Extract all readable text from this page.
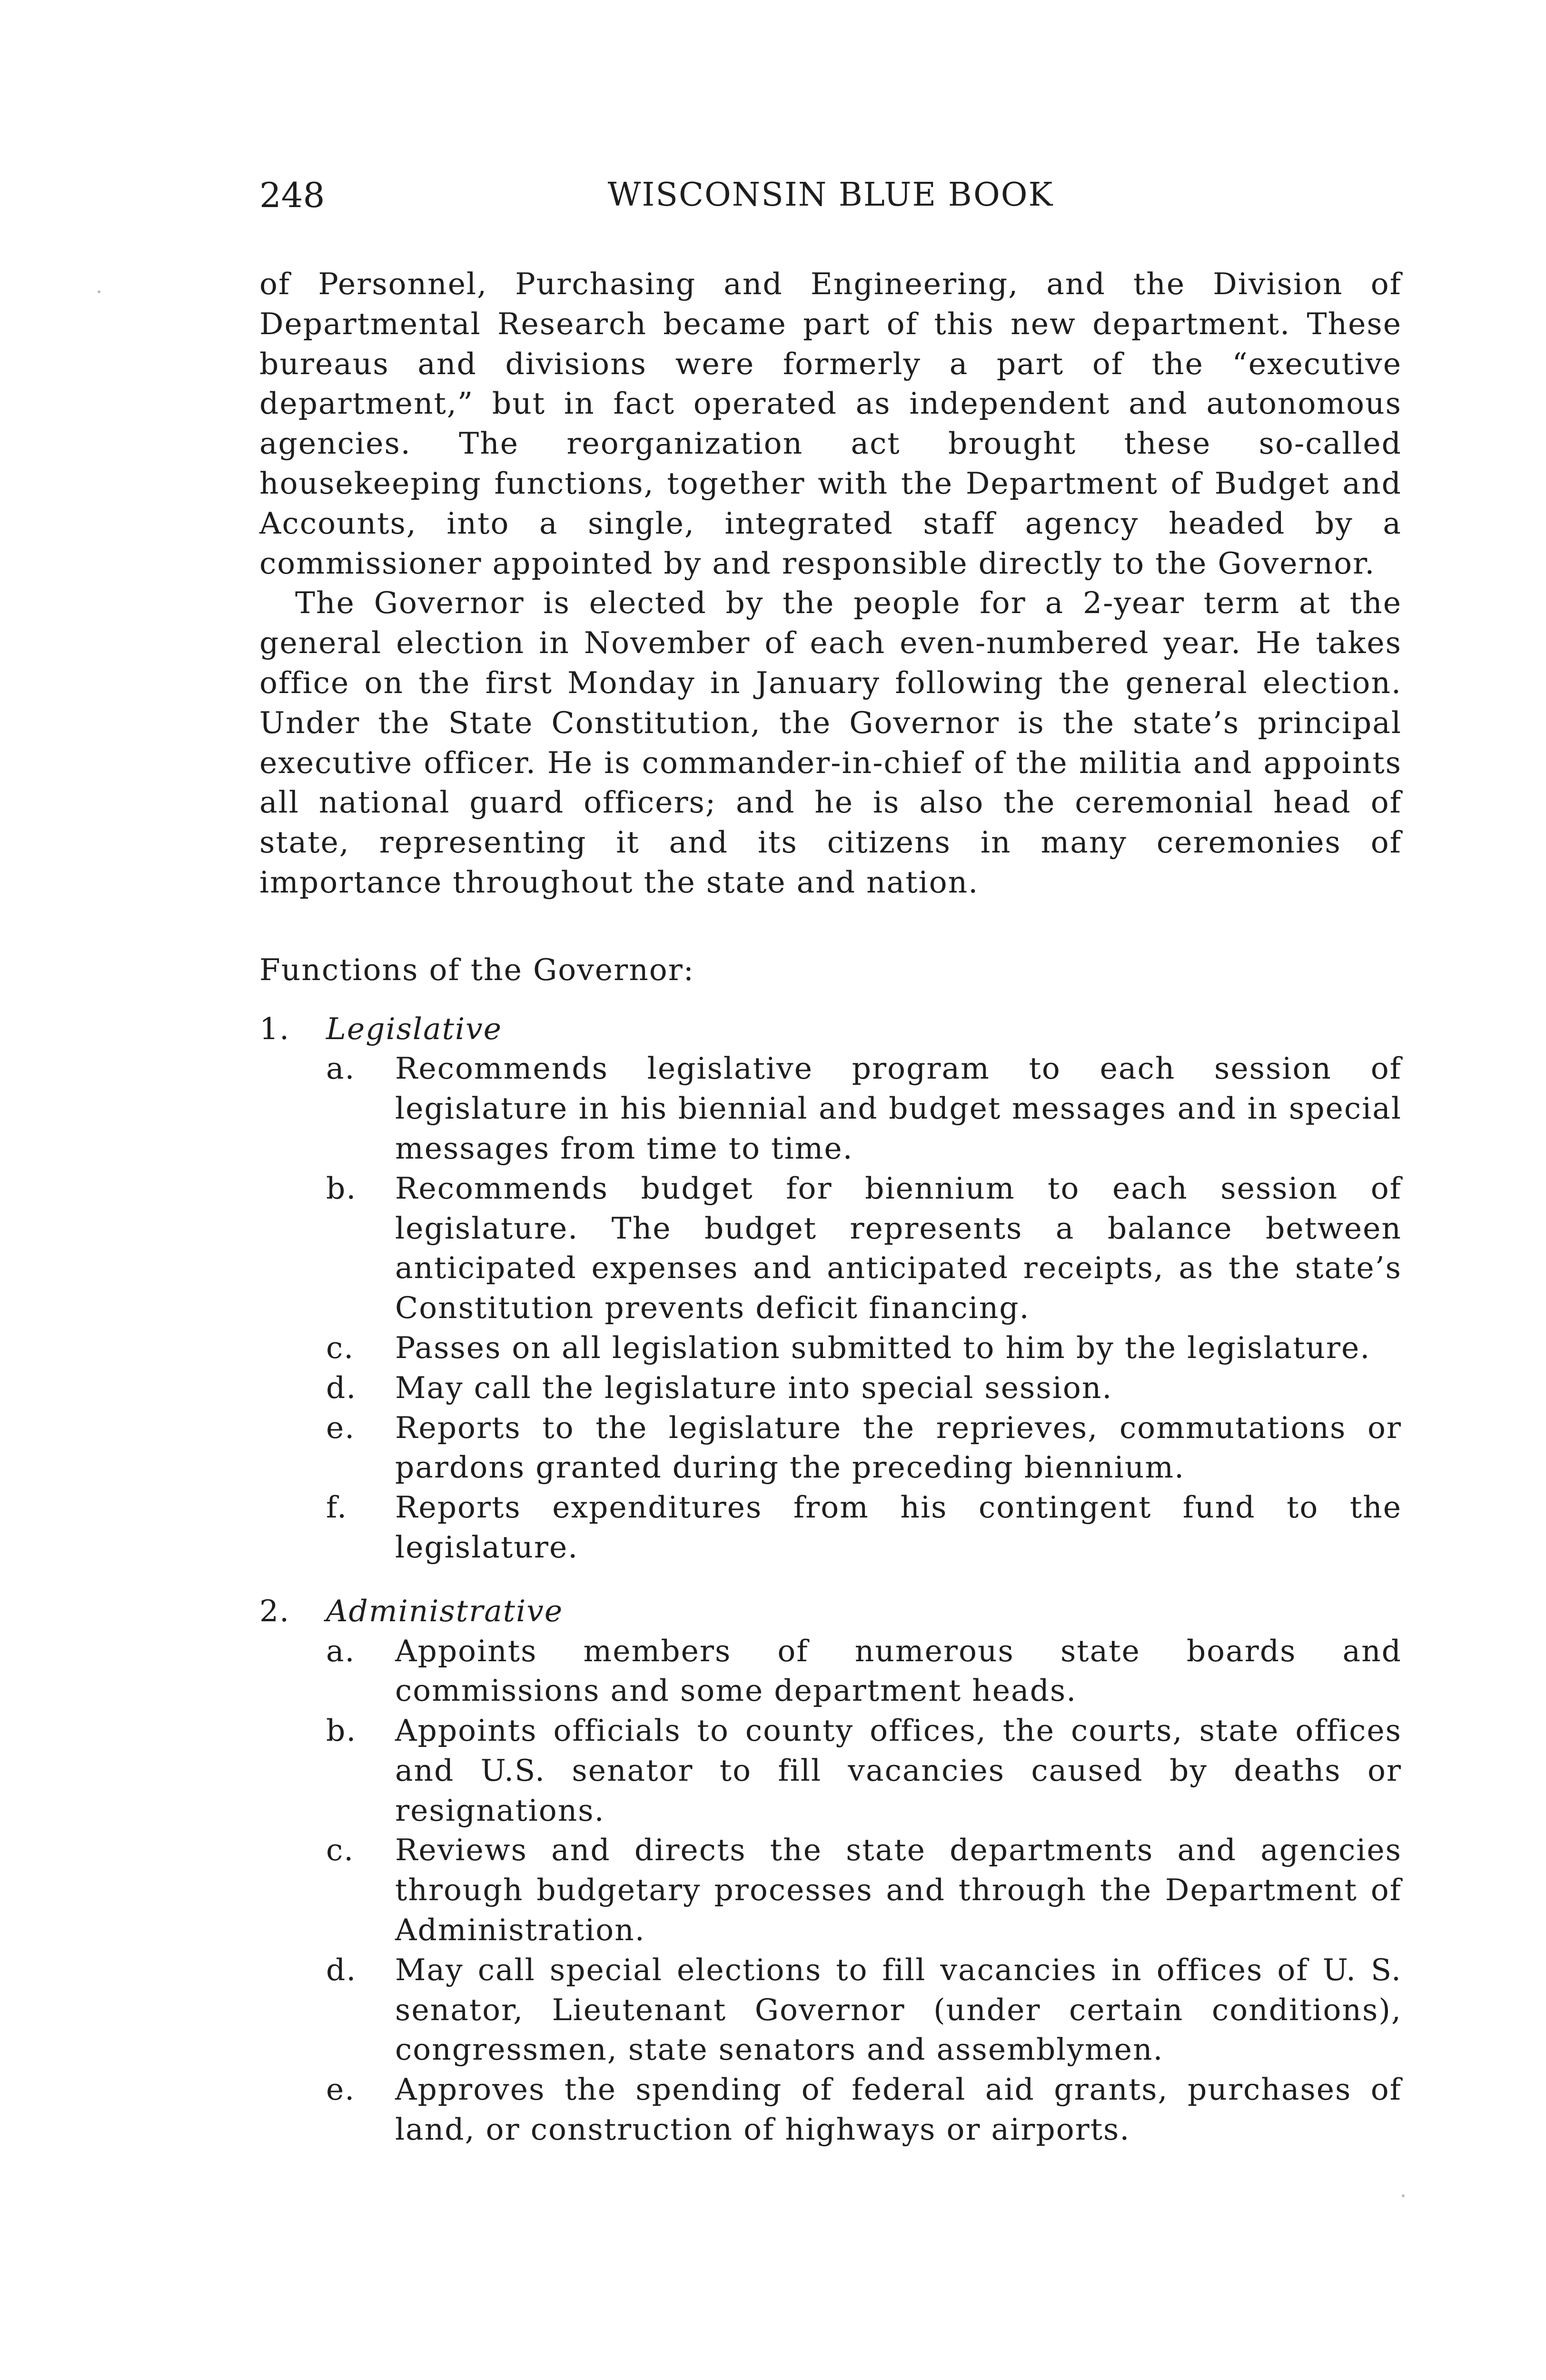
248	WISCONSIN BLUE BOOK

of Personnel, Purchasing and Engineering, and the Division of Departmental Research became part of this new department. These bureaus and divisions were formerly a part of the “executive department,” but in fact operated as independent and autonomous agencies. The reorganization act brought these so-called housekeeping functions, together with the Department of Budget and Accounts, into a single, integrated staff agency headed by a commissioner appointed by and responsible directly to the Governor.

The Governor is elected by the people for a 2-year term at the general election in November of each even-numbered year. He takes office on the first Monday in January following the general election. Under the State Constitution, the Governor is the state’s principal executive officer. He is commander-in-chief of the militia and appoints all national guard officers; and he is also the ceremonial head of state, representing it and its citizens in many ceremonies of importance throughout the state and nation.

Functions of the Governor:

1. Legislative
a. Recommends legislative program to each session of legislature in his biennial and budget messages and in special messages from time to time.
b. Recommends budget for biennium to each session of legislature. The budget represents a balance between anticipated expenses and anticipated receipts, as the state’s Constitution prevents deficit financing.
c. Passes on all legislation submitted to him by the legislature.
d. May call the legislature into special session.
e. Reports to the legislature the reprieves, commutations or pardons granted during the preceding biennium.
f. Reports expenditures from his contingent fund to the legislature.
2. Administrative
a. Appoints members of numerous state boards and commissions and some department heads.
b. Appoints officials to county offices, the courts, state offices and U.S. senator to fill vacancies caused by deaths or resignations.
c. Reviews and directs the state departments and agencies through budgetary processes and through the Department of Administration.
d. May call special elections to fill vacancies in offices of U. S. senator, Lieutenant Governor (under certain conditions), congressmen, state senators and assemblymen.
e. Approves the spending of federal aid grants, purchases of land, or construction of highways or airports.
